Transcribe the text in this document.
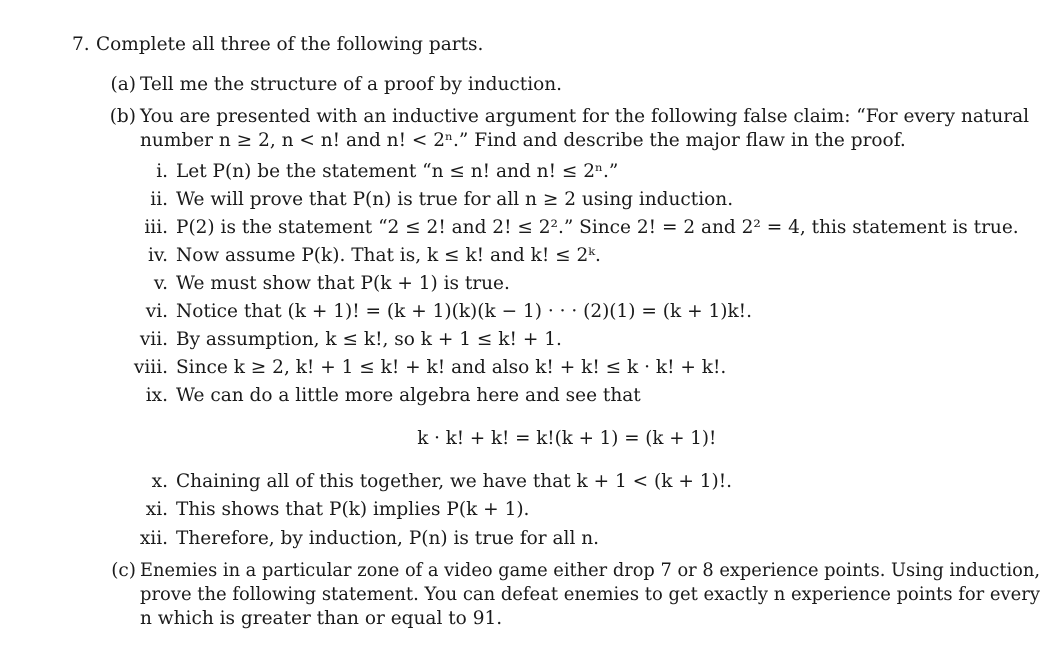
7. Complete all three of the following parts.
(a) Tell me the structure of a proof by induction.
(b) You are presented with an inductive argument for the following false claim: “For every natural
number n ≥ 2, n < n! and n! < 2ⁿ.” Find and describe the major flaw in the proof.
i. Let P(n) be the statement “n ≤ n! and n! ≤ 2ⁿ.”
ii. We will prove that P(n) is true for all n ≥ 2 using induction.
iii. P(2) is the statement “2 ≤ 2! and 2! ≤ 2².” Since 2! = 2 and 2² = 4, this statement is true.
iv. Now assume P(k). That is, k ≤ k! and k! ≤ 2ᵏ.
v. We must show that P(k + 1) is true.
vi. Notice that (k + 1)! = (k + 1)(k)(k − 1) · · · (2)(1) = (k + 1)k!.
vii. By assumption, k ≤ k!, so k + 1 ≤ k! + 1.
viii. Since k ≥ 2, k! + 1 ≤ k! + k! and also k! + k! ≤ k · k! + k!.
ix. We can do a little more algebra here and see that
k · k! + k! = k!(k + 1) = (k + 1)!
x. Chaining all of this together, we have that k + 1 < (k + 1)!.
xi. This shows that P(k) implies P(k + 1).
xii. Therefore, by induction, P(n) is true for all n.
(c) Enemies in a particular zone of a video game either drop 7 or 8 experience points. Using induction,
prove the following statement. You can defeat enemies to get exactly n experience points for every
n which is greater than or equal to 91.
